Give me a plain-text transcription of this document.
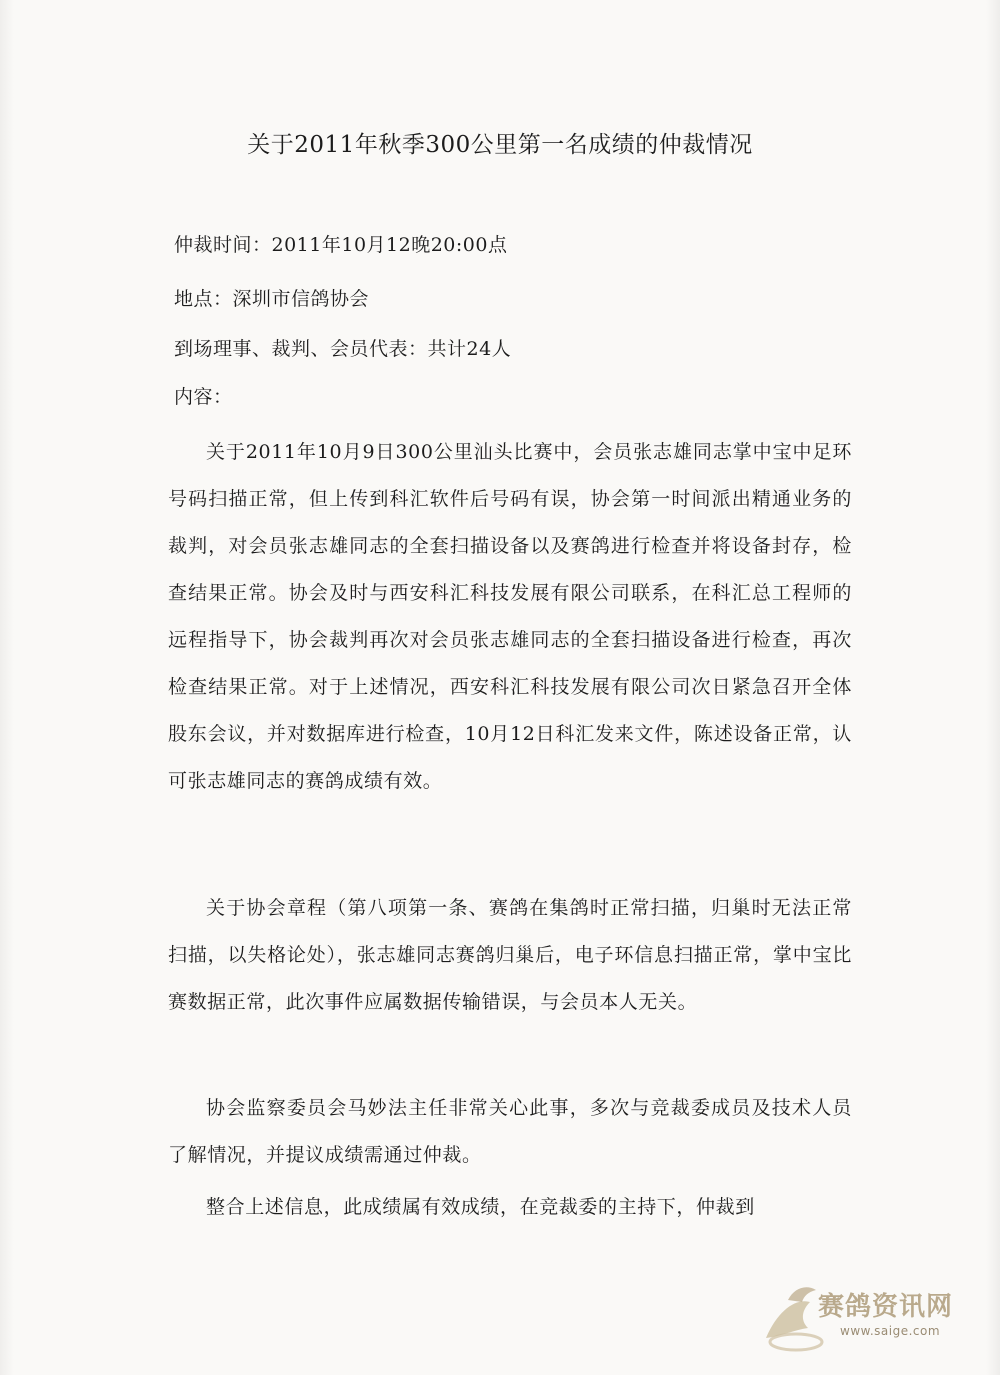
关于2011年秋季300公里第一名成绩的仲裁情况
仲裁时间：2011年10月12晚20:00点
地点：深圳市信鸽协会
到场理事、裁判、会员代表：共计24人
内容：
关于2011年10月9日300公里汕头比赛中，会员张志雄同志掌中宝中足环号码扫描正常，但上传到科汇软件后号码有误，协会第一时间派出精通业务的裁判，对会员张志雄同志的全套扫描设备以及赛鸽进行检查并将设备封存，检查结果正常。协会及时与西安科汇科技发展有限公司联系，在科汇总工程师的远程指导下，协会裁判再次对会员张志雄同志的全套扫描设备进行检查，再次检查结果正常。对于上述情况，西安科汇科技发展有限公司次日紧急召开全体股东会议，并对数据库进行检查，10月12日科汇发来文件，陈述设备正常，认可张志雄同志的赛鸽成绩有效。
关于协会章程（第八项第一条、赛鸽在集鸽时正常扫描，归巢时无法正常扫描，以失格论处），张志雄同志赛鸽归巢后，电子环信息扫描正常，掌中宝比赛数据正常，此次事件应属数据传输错误，与会员本人无关。
协会监察委员会马妙法主任非常关心此事，多次与竞裁委成员及技术人员了解情况，并提议成绩需通过仲裁。
整合上述信息，此成绩属有效成绩，在竞裁委的主持下，仲裁到
赛鸽资讯网
www.saige.com
